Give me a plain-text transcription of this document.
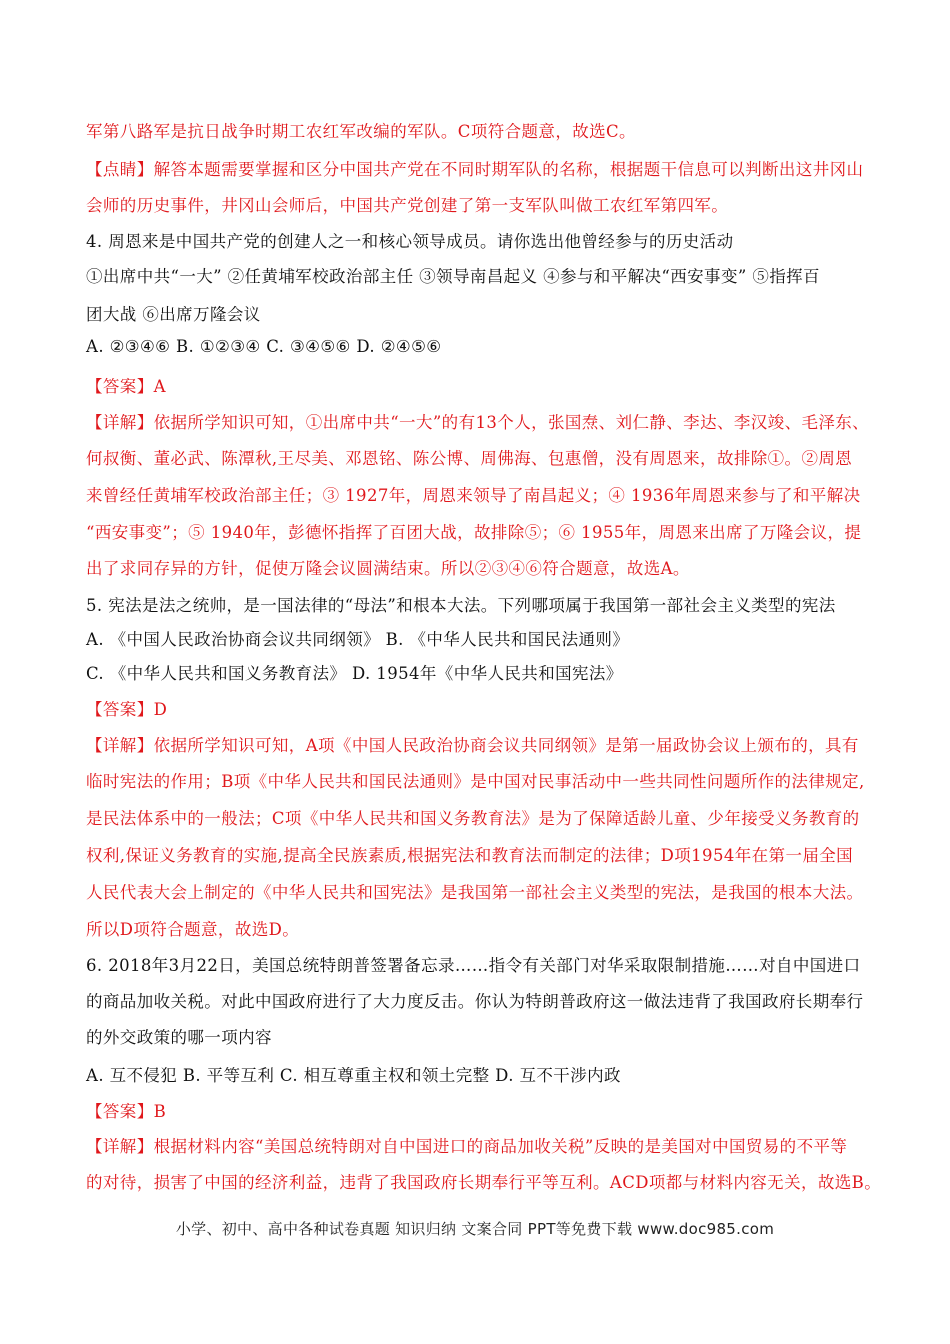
军第八路军是抗日战争时期工农红军改编的军队。C项符合题意，故选C。
【点睛】解答本题需要掌握和区分中国共产党在不同时期军队的名称，根据题干信息可以判断出这井冈山
会师的历史事件，井冈山会师后，中国共产党创建了第一支军队叫做工农红军第四军。
4. 周恩来是中国共产党的创建人之一和核心领导成员。请你选出他曾经参与的历史活动
①出席中共“一大” ②任黄埔军校政治部主任 ③领导南昌起义 ④参与和平解决“西安事变” ⑤指挥百
团大战 ⑥出席万隆会议
A. ②③④⑥ B. ①②③④ C. ③④⑤⑥ D. ②④⑤⑥
【答案】A
【详解】依据所学知识可知，①出席中共“一大”的有13个人，张国焘、刘仁静、李达、李汉竣、毛泽东、
何叔衡、董必武、陈潭秋,王尽美、邓恩铭、陈公博、周佛海、包惠僧，没有周恩来，故排除①。②周恩
来曾经任黄埔军校政治部主任；③ 1927年，周恩来领导了南昌起义；④ 1936年周恩来参与了和平解决
“西安事变”；⑤ 1940年，彭德怀指挥了百团大战，故排除⑤；⑥ 1955年，周恩来出席了万隆会议，提
出了求同存异的方针，促使万隆会议圆满结束。所以②③④⑥符合题意，故选A。
5. 宪法是法之统帅，是一国法律的“母法”和根本大法。下列哪项属于我国第一部社会主义类型的宪法
A. 《中国人民政治协商会议共同纲领》 B. 《中华人民共和国民法通则》
C. 《中华人民共和国义务教育法》 D. 1954年《中华人民共和国宪法》
【答案】D
【详解】依据所学知识可知，A项《中国人民政治协商会议共同纲领》是第一届政协会议上颁布的，具有
临时宪法的作用；B项《中华人民共和国民法通则》是中国对民事活动中一些共同性问题所作的法律规定,
是民法体系中的一般法；C项《中华人民共和国义务教育法》是为了保障适龄儿童、少年接受义务教育的
权利,保证义务教育的实施,提高全民族素质,根据宪法和教育法而制定的法律；D项1954年在第一届全国
人民代表大会上制定的《中华人民共和国宪法》是我国第一部社会主义类型的宪法，是我国的根本大法。
所以D项符合题意，故选D。
6. 2018年3月22日，美国总统特朗普签署备忘录……指令有关部门对华采取限制措施……对自中国进口
的商品加收关税。对此中国政府进行了大力度反击。你认为特朗普政府这一做法违背了我国政府长期奉行
的外交政策的哪一项内容
A. 互不侵犯 B. 平等互利 C. 相互尊重主权和领土完整 D. 互不干涉内政
【答案】B
【详解】根据材料内容“美国总统特朗对自中国进口的商品加收关税”反映的是美国对中国贸易的不平等
的对待，损害了中国的经济利益，违背了我国政府长期奉行平等互利。ACD项都与材料内容无关，故选B。
小学、初中、高中各种试卷真题 知识归纳 文案合同 PPT等免费下载 www.doc985.com
